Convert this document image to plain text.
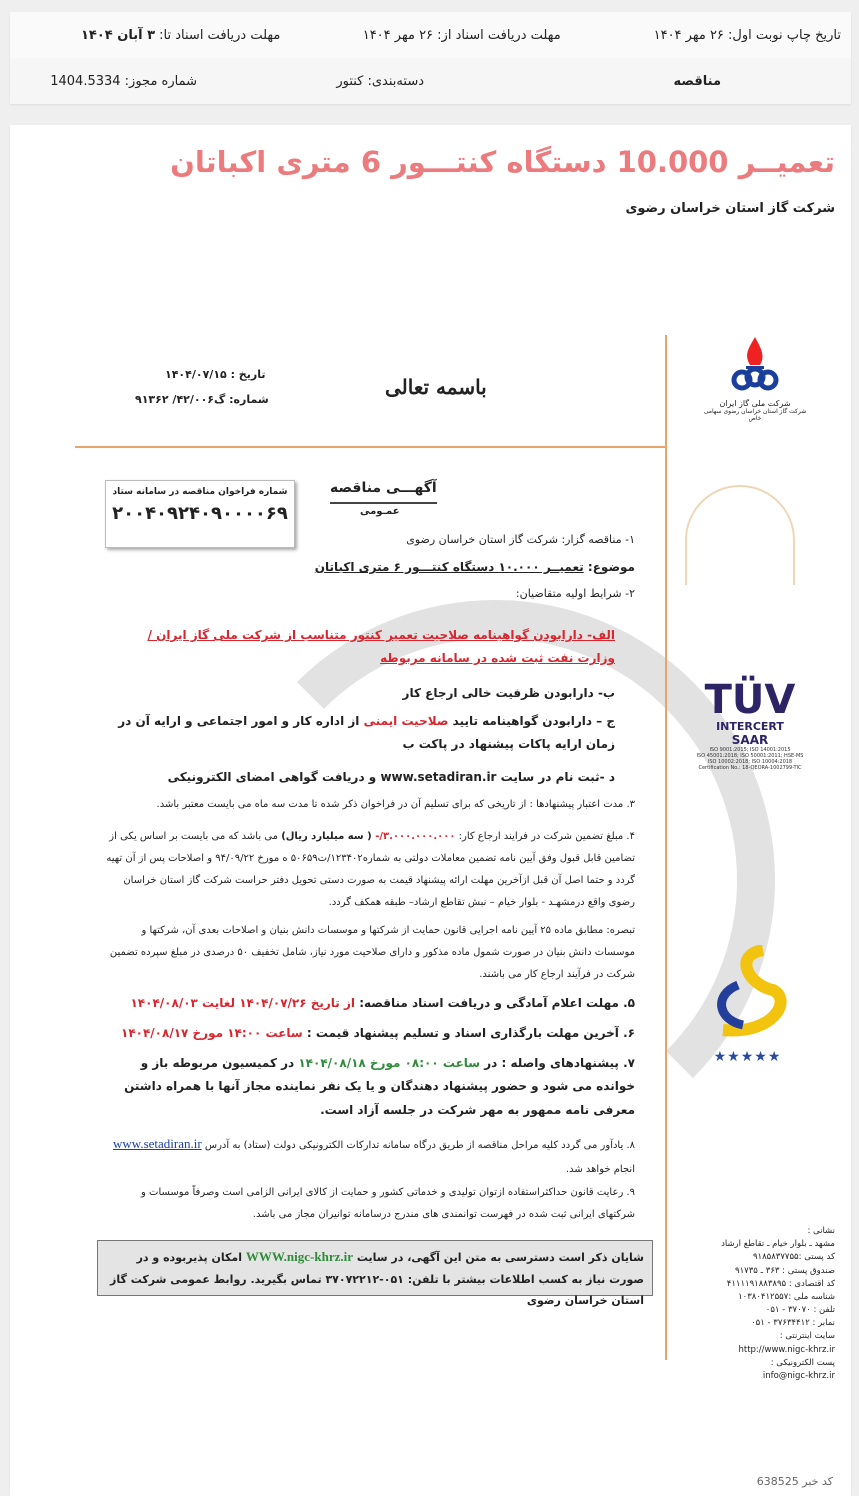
تاریخ چاپ نوبت اول: ۲۶ مهر ۱۴۰۴
مهلت دریافت اسناد از: ۲۶ مهر ۱۴۰۴
مهلت دریافت اسناد تا: ۳ آبان ۱۴۰۴
مناقصه
دسته‌بندی: کنتور
شماره مجوز: 1404.5334
تعمیــر 10.000 دستگاه کنتـــور 6 متری اکباتان
شرکت گاز استان خراسان رضوی
شرکت ملی گاز ایران
شرکت گاز استان خراسان رضوی سهامی خاص
باسمه تعالی
تاریخ : ۱۴۰۴/۰۷/۱۵
شماره: گ۴۲/۰۰۶/ ۹۱۳۶۲
آگهـــی مناقصه
عمـومی
شماره فراخوان مناقصه در سامانه ستاد
۲۰۰۴۰۹۲۴۰۹۰۰۰۰۶۹
۱- مناقصه گزار: شرکت گاز استان خراسان رضوی
موضوع: تعمیــر ۱۰.۰۰۰ دستگاه کنتـــور ۶ متری اکباتان
۲- شرایط اولیه متقاضیان:
الف- دارابودن گواهینامه صلاحیت تعمیر کنتور متناسب از شرکت ملی گاز ایران /وزارت نفت ثبت شده در سامانه مربوطه
ب- دارابودن ظرفیت خالی ارجاع کار
ج – دارابودن گواهینامه تایید صلاحیت ایمنی از اداره کار و امور اجتماعی و ارایه آن در زمان ارایه پاکات پیشنهاد در پاکت ب
د -ثبت نام در سایت www.setadiran.ir و دریافت گواهی امضای الکترونیکی
۳. مدت اعتبار پیشنهادها : از تاریخی که برای تسلیم آن در فراخوان ذکر شده تا مدت سه ماه می بایست معتبر باشد.
۴. مبلغ تضمین شرکت در فرایند ارجاع کار: ۳.۰۰۰.۰۰۰.۰۰۰/- ( سه میلیارد ریال) می باشد که می بایست بر اساس یکی از تضامین قابل قبول وفق آیین نامه تضمین معاملات دولتی به شماره۱۲۳۴۰۲/ت۵۰۶۵۹ ه مورخ ۹۴/۰۹/۲۲ و اصلاحات پس از آن تهیه گردد و حتما اصل آن قبل ازآخرین مهلت ارائه پیشنهاد قیمت به صورت دستی تحویل دفتر حراست شرکت گاز استان خراسان رضوی واقع درمشهـد - بلوار خیام – نبش تقاطع ارشاد– طبقه همکف گردد.
تبصره: مطابق ماده ۲۵ آیین نامه اجرایی قانون حمایت از شرکتها و موسسات دانش بنیان و اصلاحات بعدی آن، شرکتها و موسسات دانش بنیان در صورت شمول ماده مذکور و دارای صلاحیت مورد نیاز، شامل تخفیف ۵۰ درصدی در مبلغ سپرده تضمین شرکت در فرآیند ارجاع کار می باشند.
۵. مهلت اعلام آمادگی و دریافت اسناد مناقصه: از تاریخ ۱۴۰۴/۰۷/۲۶ لغایت ۱۴۰۴/۰۸/۰۳
۶. آخرین مهلت بارگذاری اسناد و تسلیم پیشنهاد قیمت : ساعت ۱۴:۰۰ مورخ ۱۴۰۴/۰۸/۱۷
۷. پیشنهادهای واصله : در ساعت ۰۸:۰۰ مورخ ۱۴۰۴/۰۸/۱۸ در کمیسیون مربوطه باز و خوانده می شود و حضور پیشنهاد دهندگان و یا یک نفر نماینده مجاز آنها با همراه داشتن معرفی نامه ممهور به مهر شرکت در جلسه آزاد است.
۸. یادآور می گردد کلیه مراحل مناقصه از طریق درگاه سامانه تدارکات الکترونیکی دولت (ستاد) به آدرس www.setadiran.ir انجام خواهد شد.
۹. رعایت قانون حداکثراستفاده ازتوان تولیدی و خدماتی کشور و حمایت از کالای ایرانی الزامی است وصرفاً موسسات و شرکتهای ایرانی ثبت شده در فهرست توانمندی های مندرج درسامانه توانیران مجاز می باشد.
شایان ذکر است دسترسی به متن این آگهی، در سایت WWW.nigc-khrz.ir امکان پذیربوده و در صورت نیاز به کسب اطلاعات بیشتر با تلفن: ۰۵۱-۳۷۰۷۲۲۱۲ تماس بگیرید. روابط عمومی شرکت گاز استان خراسان رضوی
TÜV
INTERCERT
SAAR
ISO 9001:2015; ISO 14001:2015
ISO 45001:2018; ISO 50001:2011; HSE-MS
ISO 10002:2018; ISO 10004:2018
Certification No.: 18-QEORA-1002799-TIC
★★★★★
نشانی :
مشهد ـ بلوار خیام ـ تقاطع ارشاد
کد پستی :۹۱۸۵۸۳۷۷۵۵
صندوق پستی : ۳۶۳ ـ ۹۱۷۳۵
کد اقتصادی : ۴۱۱۱۱۹۱۸۸۳۸۹۵
شناسه ملی :۱۰۳۸۰۴۱۲۵۵۷
تلفن : ۳۷۰۷۰ - ۰۵۱
نمابر : ۳۷۶۳۴۴۱۲ - ۰۵۱
سایت اینترنتی :
http://www.nigc-khrz.ir
پست الکترونیکی :
info@nigc-khrz.ir
کد خبر 638525
